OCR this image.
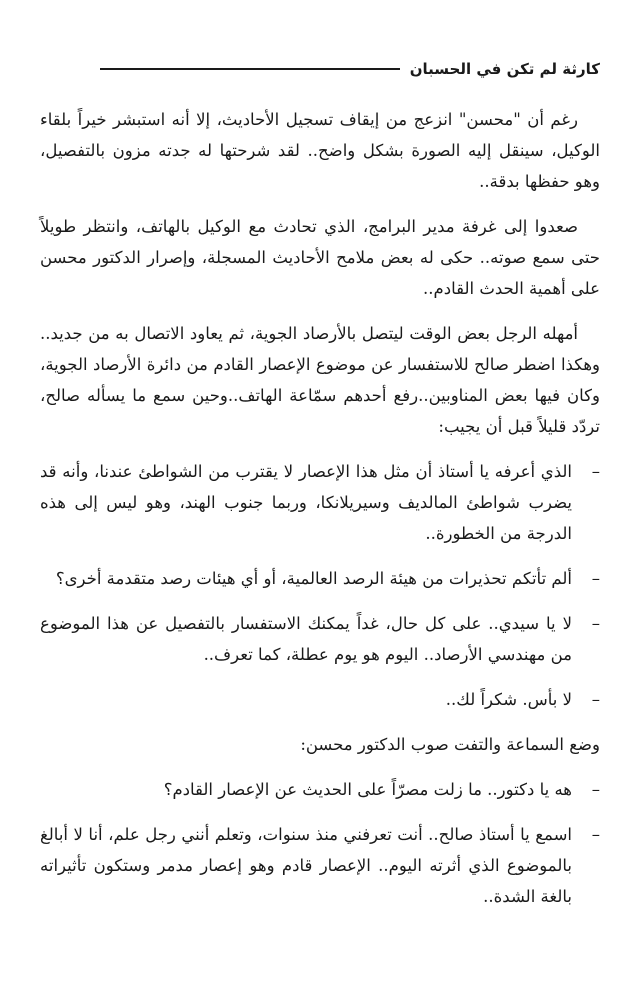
كارثة لم تكن في الحسبان

رغم أن "محسن" انزعج من إيقاف تسجيل الأحاديث، إلا أنه استبشر خيراً بلقاء الوكيل، سينقل إليه الصورة بشكل واضح.. لقد شرحتها له جدته مزون بالتفصيل، وهو حفظها بدقة..

صعدوا إلى غرفة مدير البرامج، الذي تحادث مع الوكيل بالهاتف، وانتظر طويلاً حتى سمع صوته.. حكى له بعض ملامح الأحاديث المسجلة، وإصرار الدكتور محسن على أهمية الحدث القادم..

أمهله الرجل بعض الوقت ليتصل بالأرصاد الجوية، ثم يعاود الاتصال به من جديد.. وهكذا اضطر صالح للاستفسار عن موضوع الإعصار القادم من دائرة الأرصاد الجوية، وكان فيها بعض المناوبين..رفع أحدهم سمّاعة الهاتف..وحين سمع ما يسأله صالح، تردّد قليلاً قبل أن يجيب:

–
الذي أعرفه يا أستاذ أن مثل هذا الإعصار لا يقترب من الشواطئ عندنا، وأنه قد يضرب شواطئ المالديف وسيريلانكا، وربما جنوب الهند، وهو ليس إلى هذه الدرجة من الخطورة..

–
ألم تأتكم تحذيرات من هيئة الرصد العالمية، أو أي هيئات رصد متقدمة أخرى؟

–
لا يا سيدي.. على كل حال، غداً يمكنك الاستفسار بالتفصيل عن هذا الموضوع من مهندسي الأرصاد.. اليوم هو يوم عطلة، كما تعرف..

–
لا بأس. شكراً لك..

وضع السماعة والتفت صوب الدكتور محسن:

–
هه يا دكتور.. ما زلت مصرّاً على الحديث عن الإعصار القادم؟

–
اسمع يا أستاذ صالح.. أنت تعرفني منذ سنوات، وتعلم أنني رجل علم، أنا لا أبالغ بالموضوع الذي أثرته اليوم.. الإعصار قادم وهو إعصار مدمر وستكون تأثيراته بالغة الشدة..
